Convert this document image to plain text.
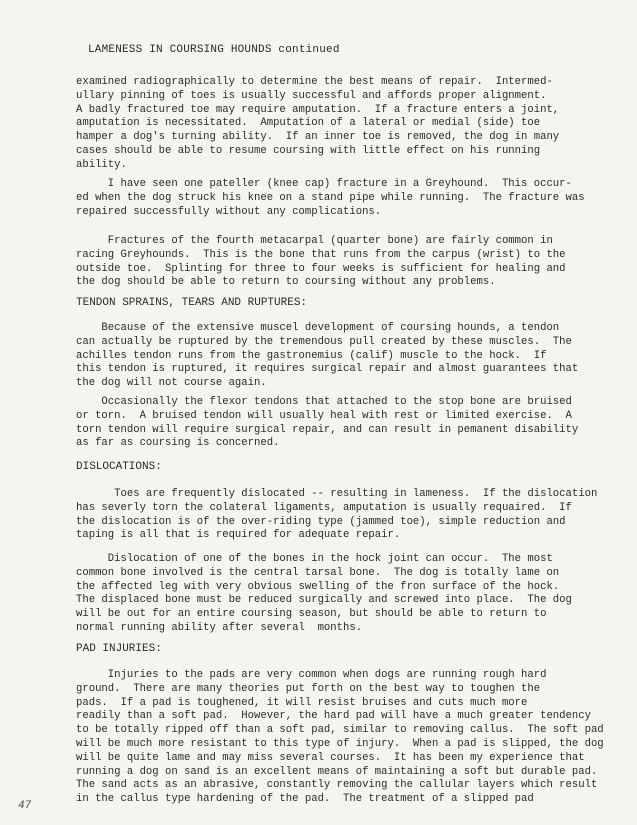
LAMENESS IN COURSING HOUNDS continued

examined radiographically to determine the best means of repair.  Intermed-
ullary pinning of toes is usually successful and affords proper alignment.
A badly fractured toe may require amputation.  If a fracture enters a joint,
amputation is necessitated.  Amputation of a lateral or medial (side) toe
hamper a dog's turning ability.  If an inner toe is removed, the dog in many
cases should be able to resume coursing with little effect on his running
ability.

I have seen one pateller (knee cap) fracture in a Greyhound.  This occur-
ed when the dog struck his knee on a stand pipe while running.  The fracture was
repaired successfully without any complications.

Fractures of the fourth metacarpal (quarter bone) are fairly common in
racing Greyhounds.  This is the bone that runs from the carpus (wrist) to the
outside toe.  Splinting for three to four weeks is sufficient for healing and
the dog should be able to return to coursing without any problems.

TENDON SPRAINS, TEARS AND RUPTURES:

Because of the extensive muscel development of coursing hounds, a tendon
can actually be ruptured by the tremendous pull created by these muscles.  The
achilles tendon runs from the gastronemius (calif) muscle to the hock.  If
this tendon is ruptured, it requires surgical repair and almost guarantees that
the dog will not course again.

Occasionally the flexor tendons that attached to the stop bone are bruised
or torn.  A bruised tendon will usually heal with rest or limited exercise.  A
torn tendon will require surgical repair, and can result in pemanent disability
as far as coursing is concerned.

DISLOCATIONS:

Toes are frequently dislocated -- resulting in lameness.  If the dislocation
has severly torn the colateral ligaments, amputation is usually requaired.  If
the dislocation is of the over-riding type (jammed toe), simple reduction and
taping is all that is required for adequate repair.

Dislocation of one of the bones in the hock joint can occur.  The most
common bone involved is the central tarsal bone.  The dog is totally lame on
the affected leg with very obvious swelling of the fron surface of the hock.
The displaced bone must be reduced surgically and screwed into place.  The dog
will be out for an entire coursing season, but should be able to return to
normal running ability after several  months.

PAD INJURIES:

Injuries to the pads are very common when dogs are running rough hard
ground.  There are many theories put forth on the best way to toughen the
pads.  If a pad is toughened, it will resist bruises and cuts much more
readily than a soft pad.  However, the hard pad will have a much greater tendency
to be totally ripped off than a soft pad, similar to removing callus.  The soft pad
will be much more resistant to this type of injury.  When a pad is slipped, the dog
will be quite lame and may miss several courses.  It has been my experience that
running a dog on sand is an excellent means of maintaining a soft but durable pad.
The sand acts as an abrasive, constantly removing the callular layers which result
in the callus type hardening of the pad.  The treatment of a slipped pad

47
